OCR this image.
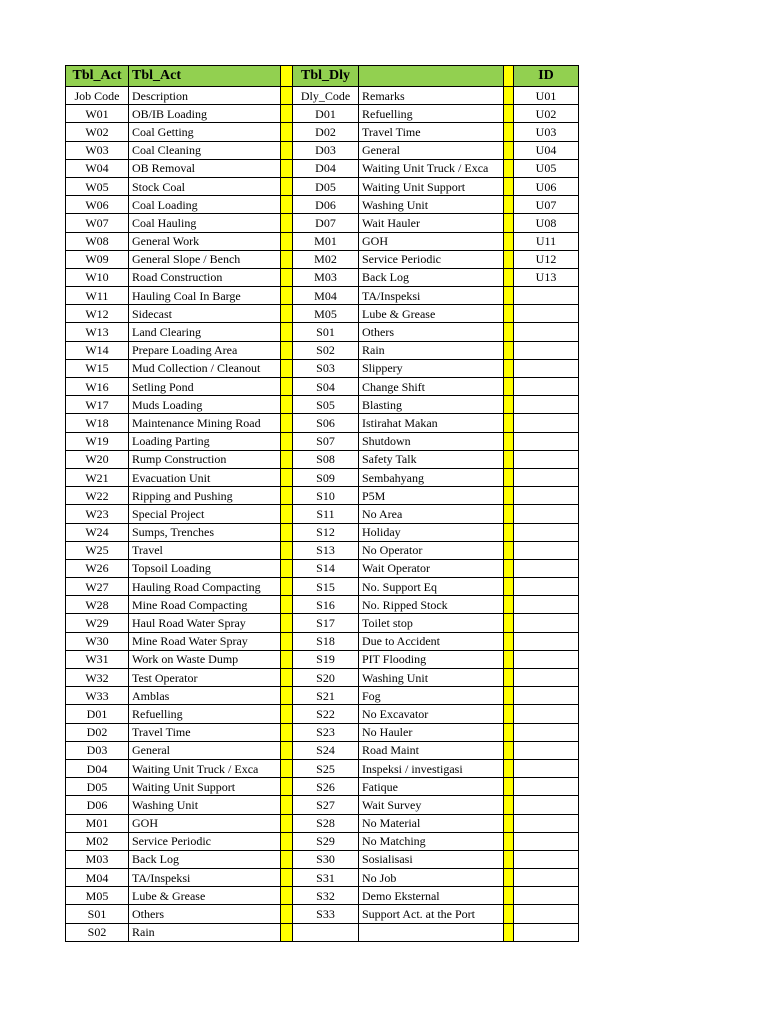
Tbl_Act	Tbl_Act		Tbl_Dly			ID
Job Code	Description		Dly_Code	Remarks		U01
W01	OB/IB Loading		D01	Refuelling		U02
W02	Coal Getting		D02	Travel Time		U03
W03	Coal Cleaning		D03	General		U04
W04	OB Removal		D04	Waiting Unit Truck / Exca		U05
W05	Stock Coal		D05	Waiting Unit Support		U06
W06	Coal Loading		D06	Washing Unit		U07
W07	Coal Hauling		D07	Wait Hauler		U08
W08	General Work		M01	GOH		U11
W09	General Slope / Bench		M02	Service Periodic		U12
W10	Road Construction		M03	Back Log		U13
W11	Hauling Coal In Barge		M04	TA/Inspeksi		
W12	Sidecast		M05	Lube & Grease		
W13	Land Clearing		S01	Others		
W14	Prepare Loading Area		S02	Rain		
W15	Mud Collection / Cleanout		S03	Slippery		
W16	Setling Pond		S04	Change Shift		
W17	Muds Loading		S05	Blasting		
W18	Maintenance Mining Road		S06	Istirahat Makan		
W19	Loading Parting		S07	Shutdown		
W20	Rump Construction		S08	Safety Talk		
W21	Evacuation Unit		S09	Sembahyang		
W22	Ripping and Pushing		S10	P5M		
W23	Special Project		S11	No Area		
W24	Sumps, Trenches		S12	Holiday		
W25	Travel		S13	No Operator		
W26	Topsoil Loading		S14	Wait Operator		
W27	Hauling Road Compacting		S15	No. Support Eq		
W28	Mine Road Compacting		S16	No. Ripped Stock		
W29	Haul Road Water Spray		S17	Toilet stop		
W30	Mine Road Water Spray		S18	Due to Accident		
W31	Work on Waste Dump		S19	PIT Flooding		
W32	Test Operator		S20	Washing Unit		
W33	Amblas		S21	Fog		
D01	Refuelling		S22	No Excavator		
D02	Travel Time		S23	No Hauler		
D03	General		S24	Road Maint		
D04	Waiting Unit Truck / Exca		S25	Inspeksi / investigasi		
D05	Waiting Unit Support		S26	Fatique		
D06	Washing Unit		S27	Wait Survey		
M01	GOH		S28	No Material		
M02	Service Periodic		S29	No Matching		
M03	Back Log		S30	Sosialisasi		
M04	TA/Inspeksi		S31	No Job		
M05	Lube & Grease		S32	Demo Eksternal		
S01	Others		S33	Support Act. at the Port		
S02	Rain					
